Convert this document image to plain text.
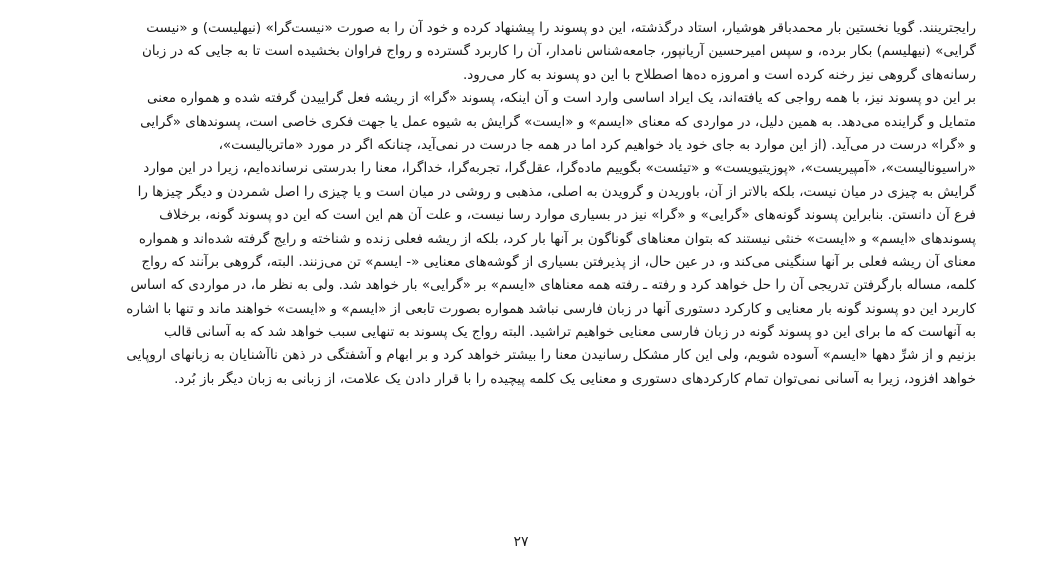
رایجترینند. گویا نخستین بار محمدباقر هوشیار، استاد درگذشته، این دو پسوند را پیشنهاد کرده و خود آن را به صورت «نیست‌گرا» (نیهلیست) و «نیست
گرایی» (نیهلیسم) بکار برده، و سپس امیرحسین آریانپور، جامعه‌شناس نامدار، آن را کاربرد گسترده و رواج فراوان بخشیده است تا به جایی که در زبان
رسانه‌های گروهی نیز رخنه کرده است و امروزه ده‌ها اصطلاح با این دو پسوند به کار می‌رود.
بر این دو پسوند نیز، با همه رواجی که یافته‌اند، یک ایراد اساسی وارد است و آن اینکه، پسوند «گرا» از ریشه فعل گراییدن گرفته شده و همواره معنی
متمایل و گراینده می‌دهد. به همین دلیل، در مواردی که معنای «ایسم» و «ایست» گرایش به شیوه عمل یا جهت فکری خاصی است، پسوندهای «گرایی
و «گرا» درست در می‌آید. (از این موارد به جای خود یاد خواهیم کرد اما در همه جا درست در نمی‌آید، چنانکه اگر در مورد «ماتریالیست»،
«راسیونالیست»، «آمپیریست»، «پوزیتیویست» و «تیئست» بگوییم ماده‌گرا، عقل‌گرا، تجربه‌گرا، خداگرا، معنا را بدرستی نرسانده‌ایم، زیرا در این موارد
گرایش به چیزی در میان نیست، بلکه بالاتر از آن، باوریدن و گرویدن به اصلی، مذهبی و روشی در میان است و یا چیزی را اصل شمردن و دیگر چیزها را
فرع آن دانستن. بنابراین پسوند گونه‌های «گرایی» و «گرا» نیز در بسیاری موارد رسا نیست، و علت آن هم این است که این دو پسوند گونه، برخلاف
پسوندهای «ایسم» و «ایست» خنثی نیستند که بتوان معناهای گوناگون بر آنها بار کرد، بلکه از ریشه فعلی زنده و شناخته و رایج گرفته شده‌اند و همواره
معنای آن ریشه فعلی بر آنها سنگینی می‌کند و، در عین حال، از پذیرفتن بسیاری از گوشه‌های معنایی «- ایسم» تن می‌زنند. البته، گروهی برآنند که رواج
کلمه، مساله بارگرفتن تدریجی آن را حل خواهد کرد و رفته ـ رفته همه معناهای «ایسم» بر «گرایی» بار خواهد شد. ولی به نظر ما، در مواردی که اساس
کاربرد این دو پسوند گونه بار معنایی و کارکرد دستوری آنها در زبان فارسی نباشد همواره بصورت تابعی از «ایسم» و «ایست» خواهند ماند و تنها با اشاره
به آنهاست که ما برای این دو پسوند گونه در زبان فارسی معنایی خواهیم تراشید. البته رواج یک پسوند به تنهایی سبب خواهد شد که به آسانی قالب
بزنیم و از شرِّ دهها «ایسم» آسوده شویم، ولی این کار مشکل رسانیدن معنا را بیشتر خواهد کرد و بر ابهام و آشفتگی در ذهن ناآشنایان به زبانهای اروپایی
خواهد افزود، زیرا به آسانی نمی‌توان تمام کارکردهای دستوری و معنایی یک کلمه پیچیده را با قرار دادن یک علامت، از زبانی به زبان دیگر باز بُرد.
۲۷
